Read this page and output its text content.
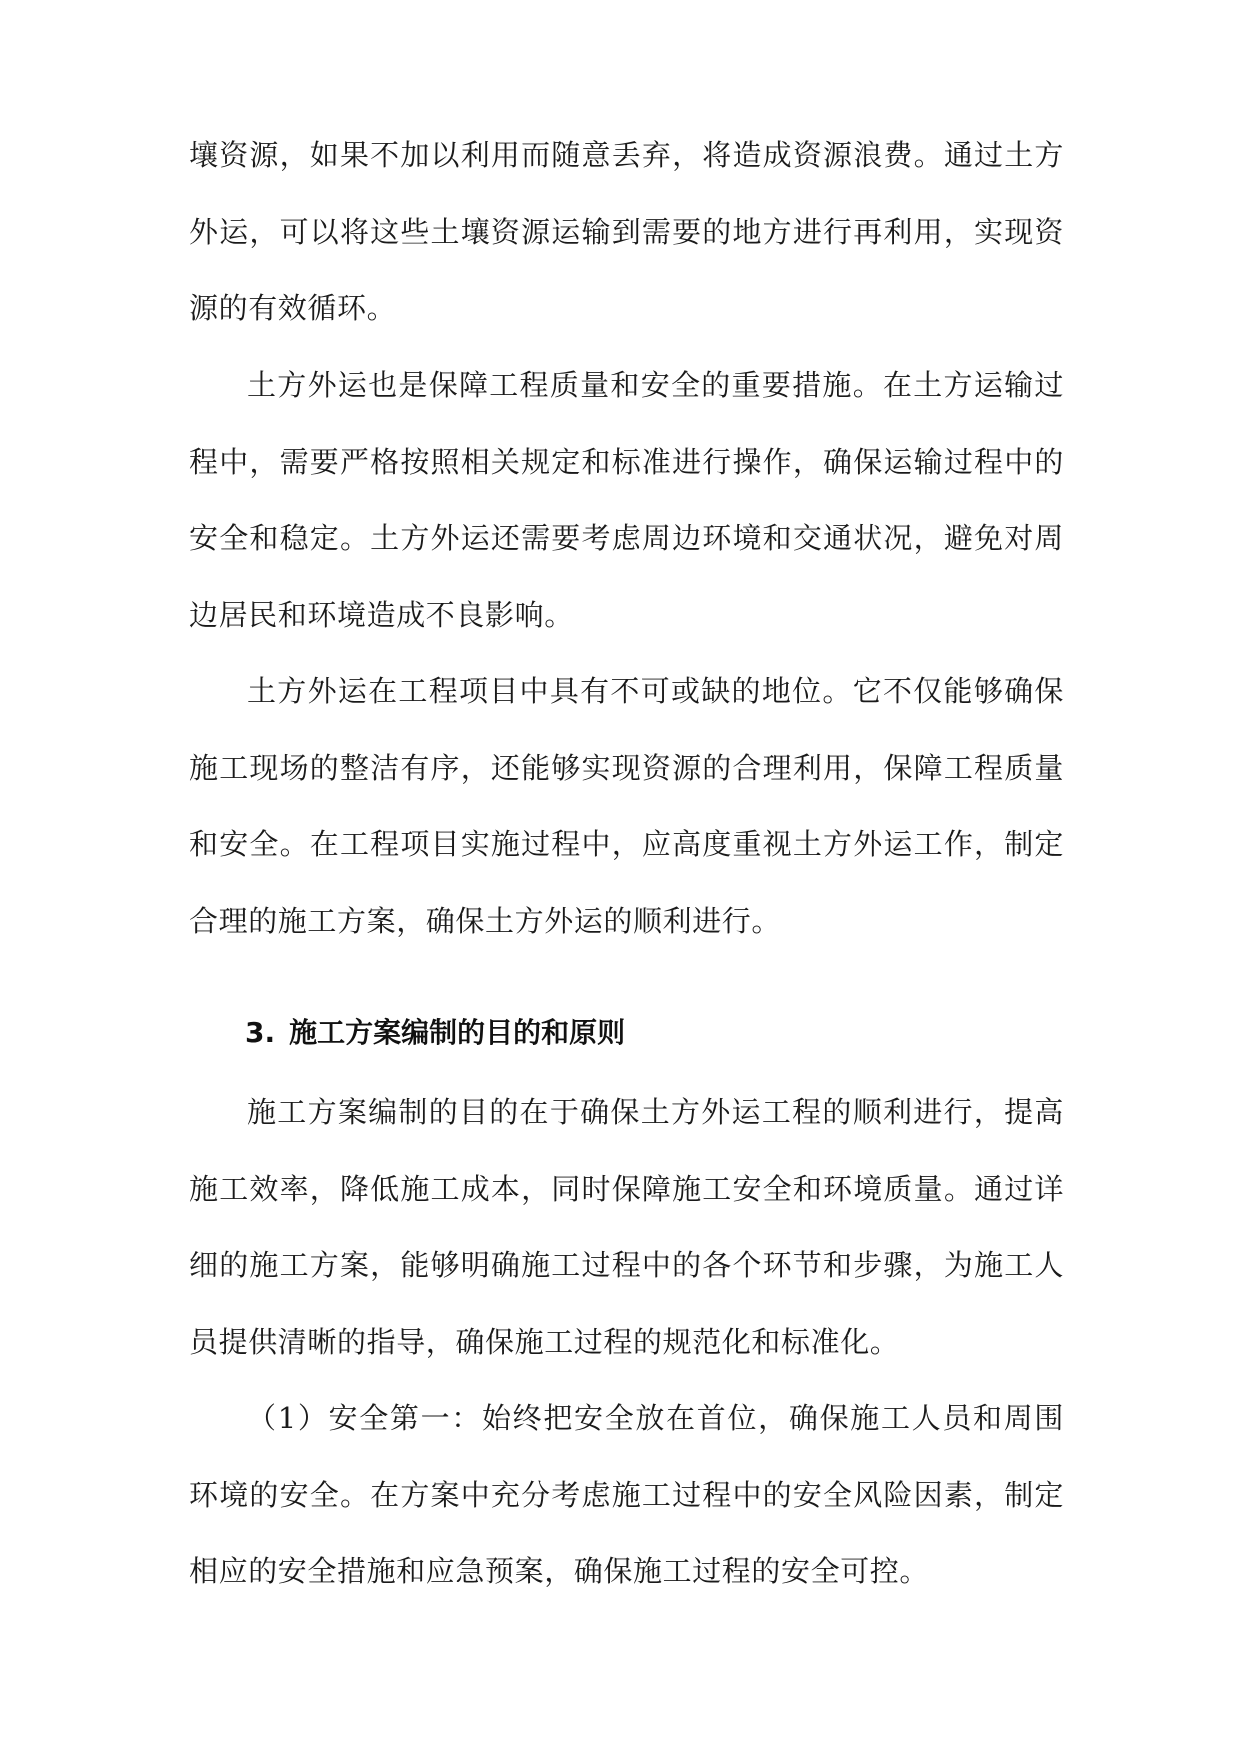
壤资源，如果不加以利用而随意丢弃，将造成资源浪费。通过土方外运，可以将这些土壤资源运输到需要的地方进行再利用，实现资源的有效循环。

土方外运也是保障工程质量和安全的重要措施。在土方运输过程中，需要严格按照相关规定和标准进行操作，确保运输过程中的安全和稳定。土方外运还需要考虑周边环境和交通状况，避免对周边居民和环境造成不良影响。

土方外运在工程项目中具有不可或缺的地位。它不仅能够确保施工现场的整洁有序，还能够实现资源的合理利用，保障工程质量和安全。在工程项目实施过程中，应高度重视土方外运工作，制定合理的施工方案，确保土方外运的顺利进行。

3. 施工方案编制的目的和原则

施工方案编制的目的在于确保土方外运工程的顺利进行，提高施工效率，降低施工成本，同时保障施工安全和环境质量。通过详细的施工方案，能够明确施工过程中的各个环节和步骤，为施工人员提供清晰的指导，确保施工过程的规范化和标准化。

（1）安全第一：始终把安全放在首位，确保施工人员和周围环境的安全。在方案中充分考虑施工过程中的安全风险因素，制定相应的安全措施和应急预案，确保施工过程的安全可控。
